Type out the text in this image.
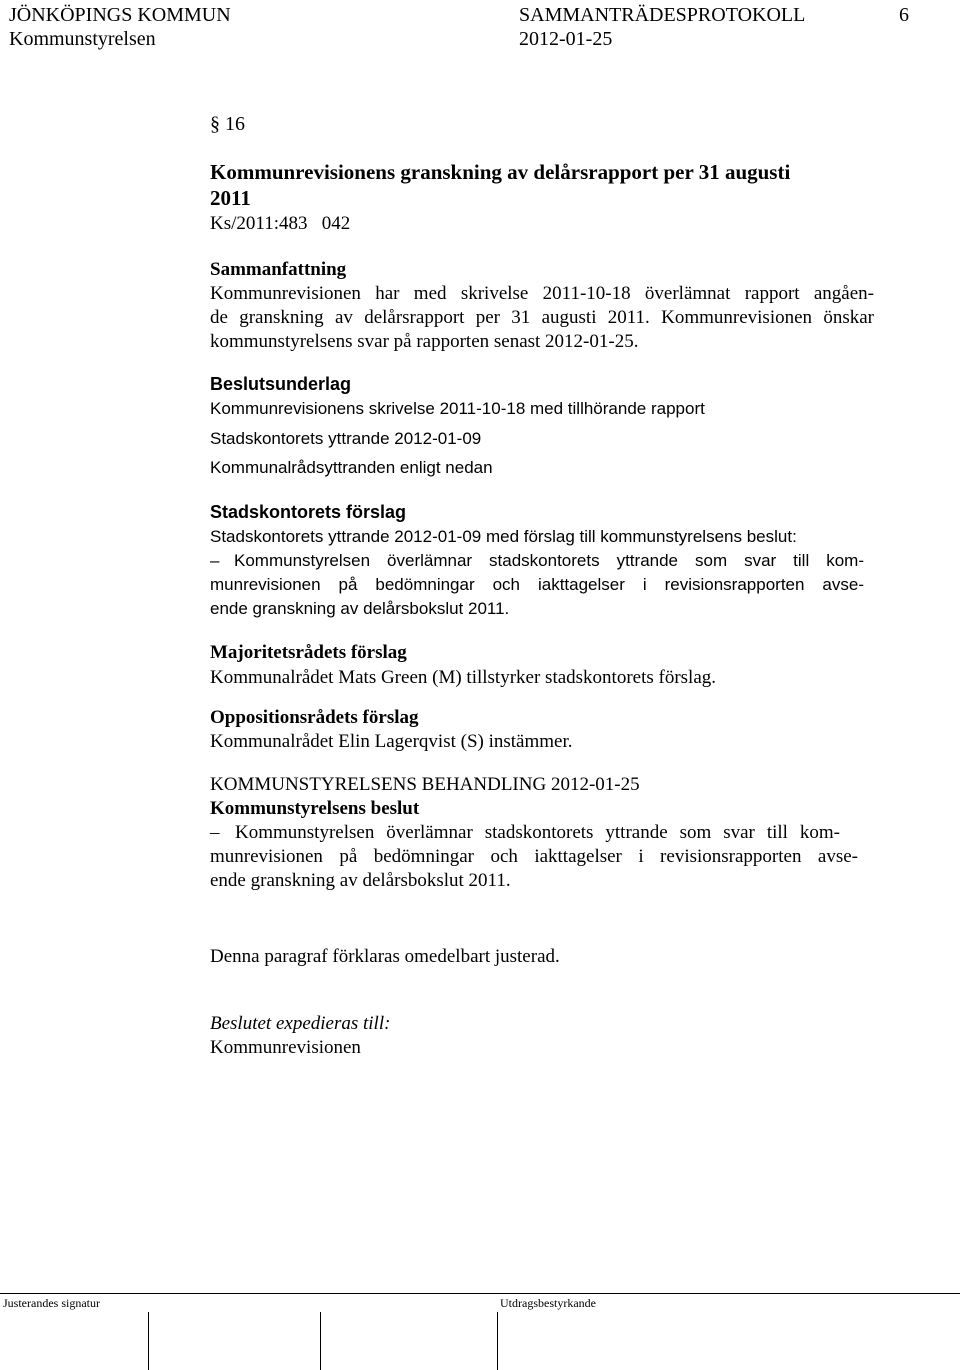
JÖNKÖPINGS KOMMUN	SAMMANTRÄDESPROTOKOLL	6
Kommunstyrelsen	2012-01-25
§ 16
Kommunrevisionens granskning av delårsrapport per 31 augusti
2011
Ks/2011:483   042
Sammanfattning
Kommunrevisionen har med skrivelse 2011-10-18 överlämnat rapport angåen-
de granskning av delårsrapport per 31 augusti 2011. Kommunrevisionen önskar
kommunstyrelsens svar på rapporten senast 2012-01-25.
Beslutsunderlag
Kommunrevisionens skrivelse 2011-10-18 med tillhörande rapport
Stadskontorets yttrande 2012-01-09
Kommunalrådsyttranden enligt nedan
Stadskontorets förslag
Stadskontorets yttrande 2012-01-09 med förslag till kommunstyrelsens beslut:
– Kommunstyrelsen överlämnar stadskontorets yttrande som svar till kom-
munrevisionen på bedömningar och iakttagelser i revisionsrapporten avse-
ende granskning av delårsbokslut 2011.
Majoritetsrådets förslag
Kommunalrådet Mats Green (M) tillstyrker stadskontorets förslag.
Oppositionsrådets förslag
Kommunalrådet Elin Lagerqvist (S) instämmer.
KOMMUNSTYRELSENS BEHANDLING 2012-01-25
Kommunstyrelsens beslut
– Kommunstyrelsen överlämnar stadskontorets yttrande som svar till kom-
munrevisionen på bedömningar och iakttagelser i revisionsrapporten avse-
ende granskning av delårsbokslut 2011.
Denna paragraf förklaras omedelbart justerad.
Beslutet expedieras till:
Kommunrevisionen
Justerandes signatur	Utdragsbestyrkande
